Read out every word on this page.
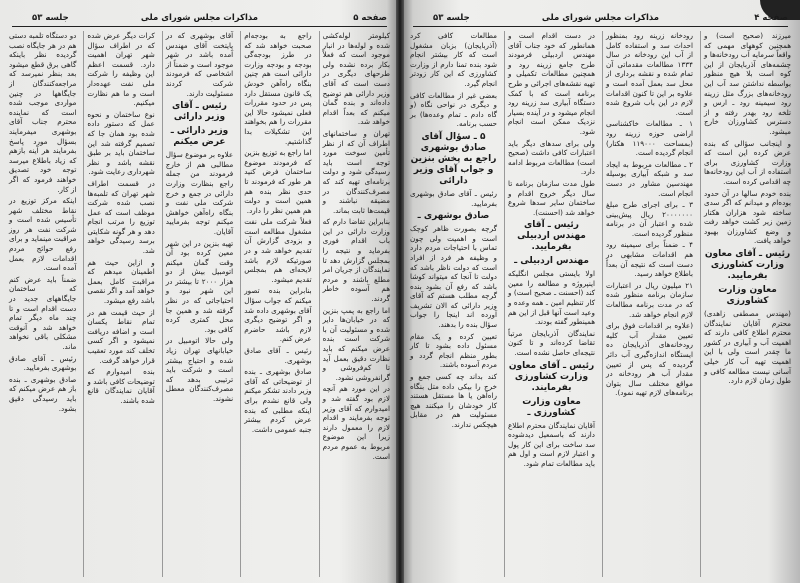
صفحه ۵
مذاکرات مجلس شورای ملی
جلسه ۵۳

کیلومتر لوله‌کشی شده و لوله‌ها در انبار موجود است که فعلاً بکار برده نشده ولی طرحهای دیگری در دست است که آقای وزیر دارائی هم توضیح داده‌اند و بنده گمان میکنم که بعداً اقدام خواهد شد.

تهران و ساختمانهای اطراف آن که از نظر تأمین سوخت مورد توجه است باید رسیدگی شود و دولت برنامه‌ای تهیه کند که مصرف‌کنندگان در مضیقه نباشند و قیمت‌ها ثابت بماند.

بنابراین تقاضا دارم که وزارت دارائی در این باب اقدام فوری بفرماید و نتیجه را بمجلس گزارش دهد تا نمایندگان از جریان امر مطلع باشند و مردم هم آسوده خاطر گردند.

اما راجع به پمپ بنزین که در خیابان‌ها دایر شده و مسئولیت آن با شرکت است بنده عرض میکنم که باید نظارت دقیق بعمل آید تا کم‌فروشی و گرانفروشی نشود.

در این مورد هم آنچه لازم بود گفته شد و امیدوارم که آقای وزیر توجه بفرمایند و اقدام لازم را معمول دارند زیرا این موضوع مربوط به عموم مردم است.

راجع به بودجه‌ام صحبت خواهد شد که در طرز بودجه‌گی بودجه و بودجه وزارت دارائی است هم چنین بنگاه راه‌آهن خودش یک قانون مستقل دارد پس در حدود مقررات فعلی نمیشود حالا این مقررات را هم بخواهند این تشکیلات بدا گذاشتیم.

اما راجع به توزیع بنزین که فرمودند موضوع ساختمان فرض کنید هر طور که فرمودند تا حدی نظر بنده هم همین است و دولت هم همین نظر را دارد.

فعلاً شرکت ملی نفت مشغول مطالعه است و بزودی گزارش آن تقدیم خواهد شد و در صورتیکه لازم باشد لایحه‌ای هم بمجلس تقدیم میشود.

بنابراین بنده تصور میکنم که جواب سؤال آقای بوشهری داده شد و اگر توضیح دیگری لازم باشد حاضرم عرض کنم.

رئیس ـ آقای صادق بوشهری.

صادق بوشهری ـ بنده از توضیحاتی که آقای وزیر دادند تشکر میکنم ولی قانع نشدم برای اینکه مطلبی که بنده عرض کردم بیشتر جنبه عمومی داشت.

آقای بوشهری که در پایتخت آقای مهندس آمده باشد در شهر موجود است و ضمناً از اشخاصی که فرمودند شرکت کردند مسئولیت دارند.

رئیس ـ آقای وزیر دارائی
وزیر دارائی ـ عرض میکنم

علاوه بر موضوع سؤال مطالبی هم از خارج فرمودند من جمله راجع بنظارت وزارت دارائی در جمع و خرج شرکت ملی نفت و بنگاه راه‌آهن خواهش میکنم توجه بفرمایید آقایان.

تهیه بنزین در این شهر معین کرده بود آن وقت گمان میکنم اتومبیل بیش از دو هزار ۲۰۰۰ تا بیشتر در این شهر نبود و احتیاجاتی که در نظر گرفته شد و همین جا محل کمتری کرده کافی بود.

ولی حالا اتومبیل در خیابانهای تهران زیاد شده و احتیاج بیشتر است و شرکت باید ترتیبی بدهد که مصرف‌کنندگان معطل نشوند.

کرات دیگر عرض شده که در اطراف سؤال شهر تهران اهمیت دارد. قسمت اعظم این وظیفه را شرکت ملی نفت عهده‌دار است و ما هم نظارت میکنیم.

نوع ساختمان و نحوه عمل که دستور داده شده بود همان جا که تصمیم گرفته شد این ساختمان باید بر طبق نقشه باشد و نظر شهرداری رعایت شود.

در قسمت اطراف شهر تهران که تلمبه‌ها نصب شده شرکت موظف است که عمل توزیع را مرتب انجام دهد و هر گونه شکایتی برسد رسیدگی خواهد شد.

و ازاین حیث هم اطمینان میدهم که مراقبت کامل بعمل خواهد آمد و اگر نقصی باشد رفع میشود.

از حیث قیمت هم در تمام نقاط یکسان است و اضافه دریافت نمیشود و اگر کسی تخلف کند مورد تعقیب قرار خواهد گرفت.

بنده امیدوارم که توضیحات کافی باشد و آقایان نمایندگان قانع شده باشند.

دو دستگاه تلمبه دستی هم در هر جایگاه نصب گردیده نظر باینکه گاهی برق قطع میشود بعد بنظر نمیرسد که مراجعه‌کنندگان از جایگاهها در چنین مواردی موجب شده است که نماینده محترم جناب آقای بوشهری میفرمایند بسؤال مورد پاسخ بفرمایند هر آینه بازهم که زیاد باطلاع میرسد توجه خود تصدیق خواهند فرمود که اگر از کار.

اینکه مرکز توزیع در نقاط مختلف شهر تأسیس شده است و شرکت نفت هر روز مراقبت مینماید و برای رفع حوائج مردم اقدامات لازم بعمل آمده است.

ضمناً باید عرض کنم که ساختمان جایگاههای جدید در دست اقدام است و تا چند ماه دیگر تمام خواهد شد و آنوقت مشکلی باقی نخواهد ماند.

رئیس ـ آقای صادق بوشهری بفرمایید.

صادق بوشهری ـ بنده باز هم عرض میکنم که باید رسیدگی دقیق بشود.

صفحه ۴
مذاکرات مجلس شورای ملی
جلسه ۵۳

میرزند (صحیح است) و همچنین کوههای مهمی که واقعاً سرمایه آب رودخانه‌ها و چشمه‌های آذربایجان از این کوه است بلا هیچ منظور بواسطه نداشتن سد آب این رودخانه‌های بزرگ مثل زرینه رود سیمینه رود ـ ارس و تلخه رود بهدر رفته و از دسترس کشاورزان خارج میشود.

و اینجانب سؤالی که بنده عرض کرده این است که وزارت کشاورزی برای استفاده از آب این رودخانه‌ها چه اقدامی کرده است.

بنده خودم سالها در آن حدود بوده‌ام و میدانم که اگر سدی ساخته شود هزاران هکتار زمین زیر کشت خواهد رفت و وضع کشاورزان بهبود خواهد یافت.

رئیس ـ آقای معاون وزارت کشاورزی بفرمایید.
معاون وزارت کشاورزی

(مهندس مصطفی زاهدی) محترم آقایان نمایندگان محترم اطلاع کافی دارند که اهمیت آب و آبیاری در کشور ما چقدر است ولی با این اهمیت تهیه آب کار خیلی آسانی نیست مطالعه کافی و طول زمان لازم دارد.

رودخانه زرینه رود بمنظور احداث سد و استفاده کامل از آب این رودخانه در سال ۱۳۳۴ مطالعات مقدماتی آن تمام شده و نقشه برداری از محل سد بعمل آمده است و علاوه بر این تا کنون اقدامات لازم در این باب شروع شده است.

۱ ـ مطالعات خاکشناسی اراضی حوزه زرینه رود (بمساحت ۱۱۹۰۰۰ هکتار) انجام گردیده است.

۲ ـ مطالعات مربوط به ایجاد سد و شبکه آبیاری بوسیله مهندسین مشاور در دست انجام است.

۳ ـ برای اجرای طرح مبلغ ۲۰۰۰۰۰۰۰ ریال پیش‌بینی شده و اعتبار آن در برنامه منظور گردیده است.

۴ ـ ضمناً برای سیمینه رود هم اقدامات مشابهی در دست است که نتیجه آن بعداً باطلاع خواهد رسید.

۲۱ میلیون ریال در اعتبارات سازمان برنامه منظور شده که در مدت برنامه مطالعات لازم انجام خواهد شد.

(علاوه بر اقدامات فوق برای تعیین مقدار آب کلیه رودخانه‌های آذربایجان ده ایستگاه اندازه‌گیری آب دائر گردیده که پس از تعیین مقدار آب هر رودخانه در مواقع مختلف سال بتوان برنامه‌های لازم تهیه نمود).

در دست اقدام است و همانطور که خود جناب آقای مهندس اردبیلی فرمودند طرح جامع زرینه رود و همچنین مطالعات تکمیلی و تهیه نقشه‌های اجرائی و طرح برنامه است که با کمک دستگاه آبیاری سد زرینه رود انجام میشود و در آینده بسیار نزدیک ممکن است انجام شود.

ولی برای سدهای دیگر باید اعتبارات کافی داشت (صحیح است) مطالعات مربوط ادامه دارد.

طول مدت سازمان برنامه تا سال دیگر خروج اقدام و ساختمان سایر سدها شروع خواهد شد (احسنت).

رئیس ـ آقای مهندس اردبیلی بفرمایید.
مهندس اردبیلی ـ

اولا بایستی مجلس انگلیکه اینپروژه و مطالعه را معین کند (احسنت ـ صحیح است) و کار تنظیم امین ـ همه وعده و وعید است آنها قبل از این هم همینطور گفته بودند.

نمایندگان آذربایجان مرتباً تقاضا کرده‌اند و تا کنون نتیجه‌ای حاصل نشده است.

رئیس ـ آقای معاون وزارت کشاورزی بفرمایند.
معاون وزارت کشاورزی ـ

آقایان نمایندگان محترم اطلاع دارند که باسمعیل دیدشوده سد ساخت برای این کار پول و اعتبار لازم است و اول هم باید مطالعات تمام شود.

مطالعات کافی کرد (آذربایجان) بزبان مشغول است که کار بیشتر انجام شود بنده تمنا دارم از وزارت کشاورزی که این کار زودتر انجام گیرد.

بعضی غیر از مطالعات کافی و دیگری در نواحی نگاه (و گاه دادم ـ تمام وعده‌ها) بر حسب برنامه.

۵ ـ سؤال آقای صادق بوشهری راجع به پخش بنزین و جواب آقای وزیر دارائی

رئیس ـ آقای صادق بوشهری بفرمایید.

صادق بوشهری ـ

گرچه بصورت ظاهر کوچک است و اهمیت ولی چون تماس با احتیاجات مردم دارد و وظیفه هر فرد از افراد است که دولت ناظر باشد که دولت تا آنجا که میتواند کوشا باشد که رفع آن بشود بنده گرچه مطلب هستم که آقای وزیر دارائی که الان تشریف آورده اند اینجا را جواب سؤال بنده را بدهند.

تعیین کرده و یک مقام مسئول داده بشود تا کار بطور منظم انجام گردد و مردم آسوده باشند.

کند بداند چه کسی جمع و خرج را بیکی داده متل بنگاه راه‌آهن یا ها مستقل هستند کار خودشان را میکنند هیچ مسئولیت هم در مقابل هیچکس ندارند.
